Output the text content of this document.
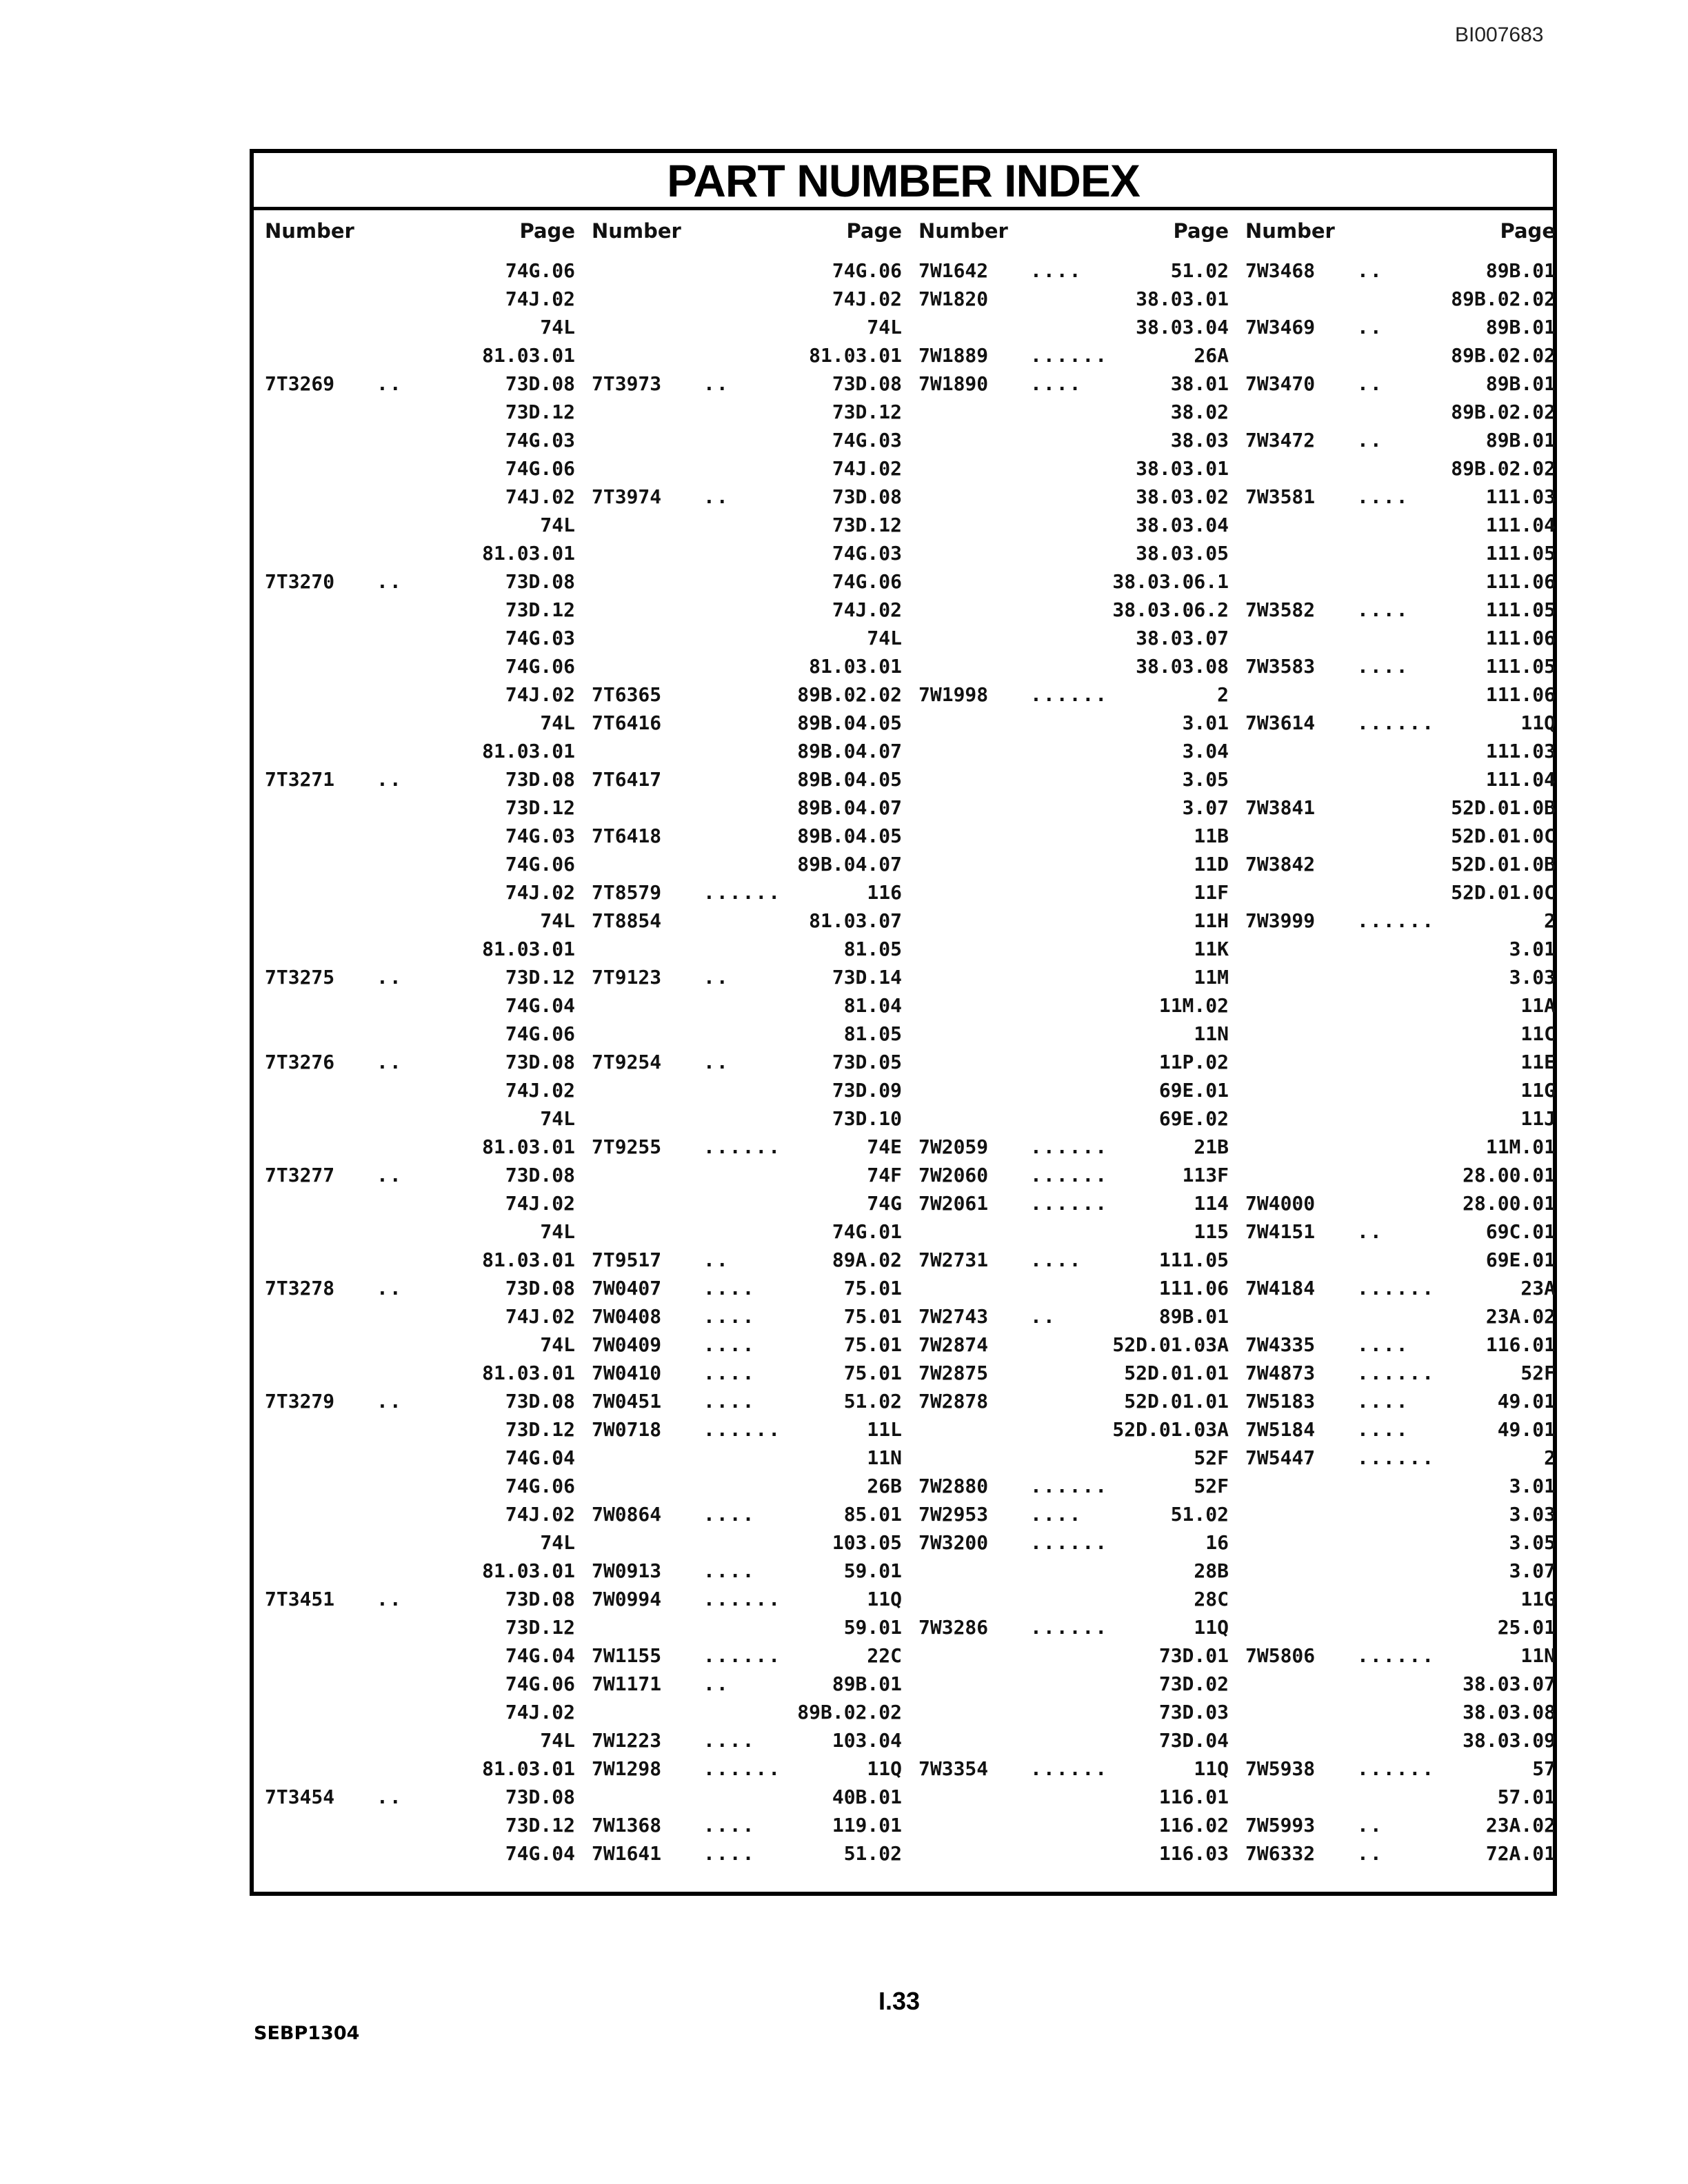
BI007683
PART NUMBER INDEX
Number	Page
74G.06
74J.02
74L
81.03.01
7T3269 ..	73D.08
73D.12
74G.03
74G.06
74J.02
74L
81.03.01
7T3270 ..	73D.08
73D.12
74G.03
74G.06
74J.02
74L
81.03.01
7T3271 ..	73D.08
73D.12
74G.03
74G.06
74J.02
74L
81.03.01
7T3275 ..	73D.12
74G.04
74G.06
7T3276 ..	73D.08
74J.02
74L
81.03.01
7T3277 ..	73D.08
74J.02
74L
81.03.01
7T3278 ..	73D.08
74J.02
74L
81.03.01
7T3279 ..	73D.08
73D.12
74G.04
74G.06
74J.02
74L
81.03.01
7T3451 ..	73D.08
73D.12
74G.04
74G.06
74J.02
74L
81.03.01
7T3454 ..	73D.08
73D.12
74G.04
Number	Page
74G.06
74J.02
74L
81.03.01
7T3973 ..	73D.08
73D.12
74G.03
74J.02
7T3974 ..	73D.08
73D.12
74G.03
74G.06
74J.02
74L
81.03.01
7T6365	89B.02.02
7T6416	89B.04.05
89B.04.07
7T6417	89B.04.05
89B.04.07
7T6418	89B.04.05
89B.04.07
7T8579 ......	116
7T8854	81.03.07
81.05
7T9123 ..	73D.14
81.04
81.05
7T9254 ..	73D.05
73D.09
73D.10
7T9255 ......	74E
74F
74G
74G.01
7T9517 ..	89A.02
7W0407 ....	75.01
7W0408 ....	75.01
7W0409 ....	75.01
7W0410 ....	75.01
7W0451 ....	51.02
7W0718 ......	11L
11N
26B
7W0864 ....	85.01
103.05
7W0913 ....	59.01
7W0994 ......	11Q
59.01
7W1155 ......	22C
7W1171 ..	89B.01
89B.02.02
7W1223 ....	103.04
7W1298 ......	11Q
40B.01
7W1368 ....	119.01
7W1641 ....	51.02
Number	Page
7W1642 ....	51.02
7W1820	38.03.01
38.03.04
7W1889 ......	26A
7W1890 ....	38.01
38.02
38.03
38.03.01
38.03.02
38.03.04
38.03.05
38.03.06.1
38.03.06.2
38.03.07
38.03.08
7W1998 ......	2
3.01
3.04
3.05
3.07
11B
11D
11F
11H
11K
11M
11M.02
11N
11P.02
69E.01
69E.02
7W2059 ......	21B
7W2060 ......	113F
7W2061 ......	114
115
7W2731 ....	111.05
111.06
7W2743 ..	89B.01
7W2874	52D.01.03A
7W2875	52D.01.01
7W2878	52D.01.01
52D.01.03A
52F
7W2880 ......	52F
7W2953 ....	51.02
7W3200 ......	16
28B
28C
7W3286 ......	11Q
73D.01
73D.02
73D.03
73D.04
7W3354 ......	11Q
116.01
116.02
116.03
Number	Page
7W3468 ..	89B.01
89B.02.02
7W3469 ..	89B.01
89B.02.02
7W3470 ..	89B.01
89B.02.02
7W3472 ..	89B.01
89B.02.02
7W3581 ....	111.03
111.04
111.05
111.06
7W3582 ....	111.05
111.06
7W3583 ....	111.05
111.06
7W3614 ......	11Q
111.03
111.04
7W3841	52D.01.0B
52D.01.0C
7W3842	52D.01.0B
52D.01.0C
7W3999 ......	2
3.01
3.03
11A
11C
11E
11G
11J
11M.01
28.00.01
7W4000	28.00.01
7W4151 ..	69C.01
69E.01
7W4184 ......	23A
23A.02
7W4335 ....	116.01
7W4873 ......	52F
7W5183 ....	49.01
7W5184 ....	49.01
7W5447 ......	2
3.01
3.03
3.05
3.07
11G
25.01
7W5806 ......	11N
38.03.07
38.03.08
38.03.09
7W5938 ......	57
57.01
7W5993 ..	23A.02
7W6332 ..	72A.01
I.33
SEBP1304
